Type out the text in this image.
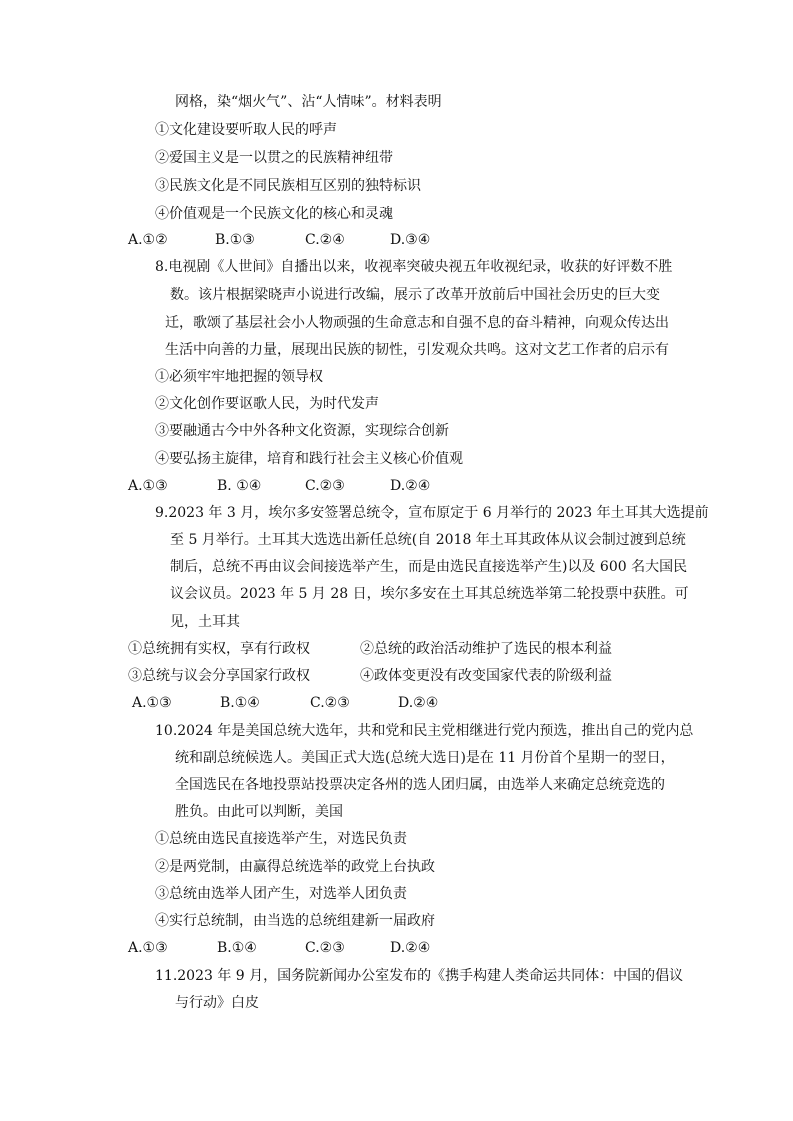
网格，染“烟火气”、沾“人情味”。材料表明
①文化建设要听取人民的呼声
②爱国主义是一以贯之的民族精神纽带
③民族文化是不同民族相互区别的独特标识
④价值观是一个民族文化的核心和灵魂
A.①②	B.①③	C.②④	D.③④
8.电视剧《人世间》自播出以来，收视率突破央视五年收视纪录，收获的好评数不胜
数。该片根据梁晓声小说进行改编，展示了改革开放前后中国社会历史的巨大变
迁，歌颂了基层社会小人物顽强的生命意志和自强不息的奋斗精神，向观众传达出
生活中向善的力量，展现出民族的韧性，引发观众共鸣。这对文艺工作者的启示有
①必须牢牢地把握的领导权
②文化创作要讴歌人民，为时代发声
③要融通古今中外各种文化资源，实现综合创新
④要弘扬主旋律，培育和践行社会主义核心价值观
A.①③	B. ①④	C.②③	D.②④
9.2023 年 3 月，埃尔多安签署总统令，宣布原定于 6 月举行的 2023 年土耳其大选提前
至 5 月举行。土耳其大选选出新任总统(自 2018 年土耳其政体从议会制过渡到总统
制后，总统不再由议会间接选举产生，而是由选民直接选举产生)以及 600 名大国民
议会议员。2023 年 5 月 28 日，埃尔多安在土耳其总统选举第二轮投票中获胜。可
见，土耳其
①总统拥有实权，享有行政权	②总统的政治活动维护了选民的根本利益
③总统与议会分享国家行政权	④政体变更没有改变国家代表的阶级利益
A.①③	B.①④	C.②③	D.②④
10.2024 年是美国总统大选年，共和党和民主党相继进行党内预选，推出自己的党内总
统和副总统候选人。美国正式大选(总统大选日)是在 11 月份首个星期一的翌日，
全国选民在各地投票站投票决定各州的选人团归属，由选举人来确定总统竞选的
胜负。由此可以判断，美国
①总统由选民直接选举产生，对选民负责
②是两党制，由赢得总统选举的政党上台执政
③总统由选举人团产生，对选举人团负责
④实行总统制，由当选的总统组建新一届政府
A.①③	B.①④	C.②③	D.②④
11.2023 年 9 月，国务院新闻办公室发布的《携手构建人类命运共同体：中国的倡议
与行动》白皮
